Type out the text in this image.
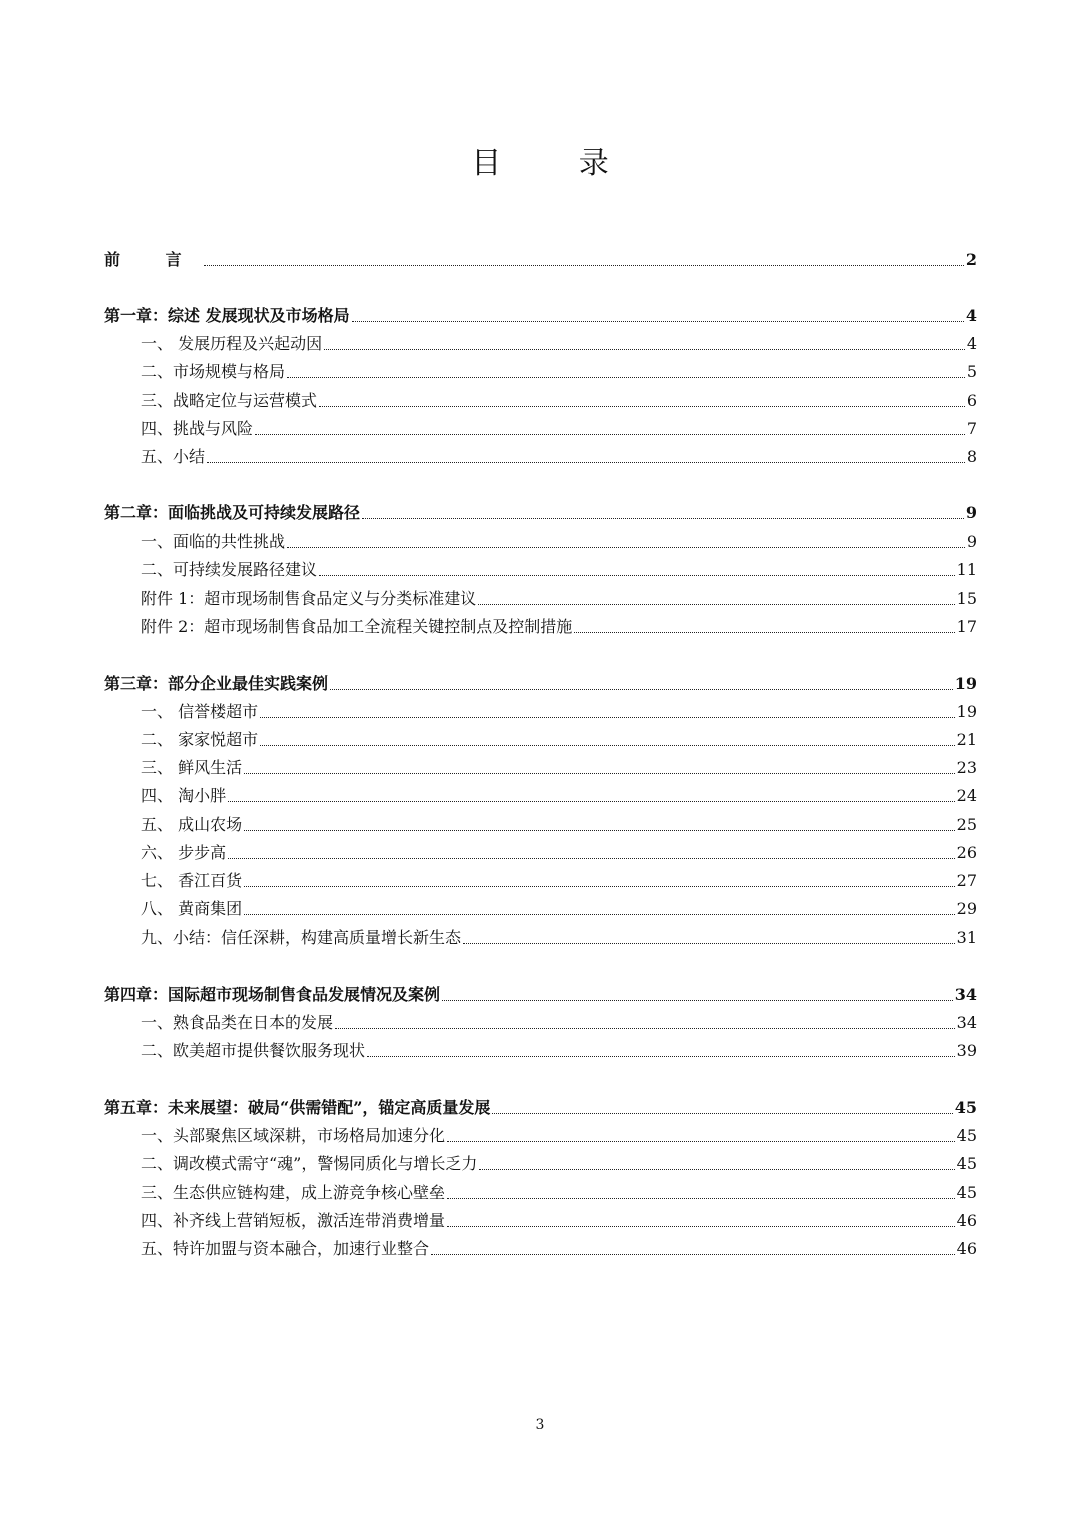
目 录
前 言	2
第一章：综述 发展现状及市场格局	4
一、 发展历程及兴起动因	4
二、市场规模与格局	5
三、战略定位与运营模式	6
四、挑战与风险	7
五、小结	8
第二章：面临挑战及可持续发展路径	9
一、面临的共性挑战	9
二、可持续发展路径建议	11
附件 1：超市现场制售食品定义与分类标准建议	15
附件 2：超市现场制售食品加工全流程关键控制点及控制措施	17
第三章：部分企业最佳实践案例	19
一、 信誉楼超市	19
二、 家家悦超市	21
三、 鲜风生活	23
四、 淘小胖	24
五、 成山农场	25
六、 步步高	26
七、 香江百货	27
八、 黄商集团	29
九、小结：信任深耕，构建高质量增长新生态	31
第四章：国际超市现场制售食品发展情况及案例	34
一、熟食品类在日本的发展	34
二、欧美超市提供餐饮服务现状	39
第五章：未来展望：破局“供需错配”，锚定高质量发展	45
一、头部聚焦区域深耕，市场格局加速分化	45
二、调改模式需守“魂”，警惕同质化与增长乏力	45
三、生态供应链构建，成上游竞争核心壁垒	45
四、补齐线上营销短板，激活连带消费增量	46
五、特许加盟与资本融合，加速行业整合	46
3
